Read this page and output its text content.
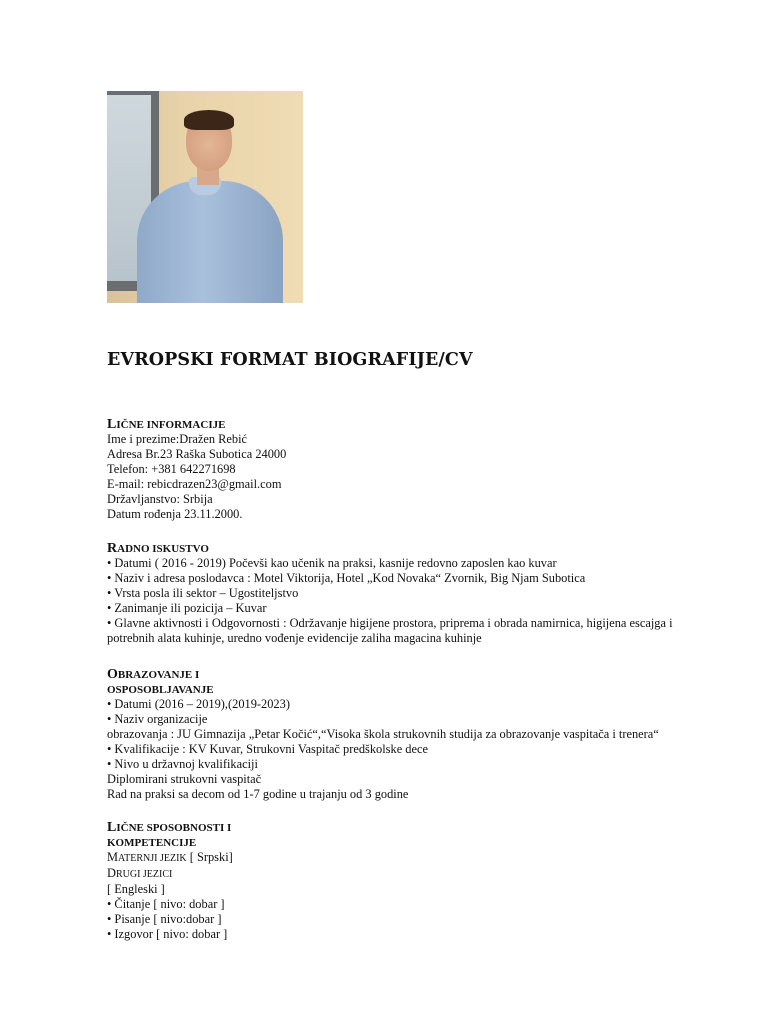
EVROPSKI FORMAT BIOGRAFIJE/CV
LIČNE INFORMACIJE
Ime i prezime:Dražen Rebić
Adresa Br.23 Raška Subotica 24000
Telefon: +381 642271698
E-mail: rebicdrazen23@gmail.com
Državljanstvo: Srbija
Datum rođenja 23.11.2000.
RADNO ISKUSTVO
• Datumi ( 2016 - 2019) Počevši kao učenik na praksi, kasnije redovno zaposlen kao kuvar
• Naziv i adresa poslodavca : Motel Viktorija, Hotel „Kod Novaka“ Zvornik, Big Njam Subotica
• Vrsta posla ili sektor – Ugostiteljstvo
• Zanimanje ili pozicija – Kuvar
• Glavne aktivnosti i Odgovornosti : Održavanje higijene prostora, priprema i obrada namirnica, higijena escajga i
potrebnih alata kuhinje, uredno vođenje evidencije zaliha magacina kuhinje
OBRAZOVANJE I
OSPOSOBLJAVANJE
• Datumi (2016 – 2019),(2019-2023)
• Naziv organizacije
obrazovanja : JU Gimnazija „Petar Kočić“,“Visoka škola strukovnih studija za obrazovanje vaspitača i trenera“
• Kvalifikacije : KV Kuvar, Strukovni Vaspitač predškolske dece
• Nivo u državnoj kvalifikaciji
Diplomirani strukovni vaspitač
Rad na praksi sa decom od 1-7 godine u trajanju od 3 godine
LIČNE SPOSOBNOSTI I
KOMPETENCIJE
MATERNJI JEZIK [ Srpski]
DRUGI JEZICI
[ Engleski ]
• Čitanje [ nivo: dobar ]
• Pisanje [ nivo:dobar ]
• Izgovor [ nivo: dobar ]
